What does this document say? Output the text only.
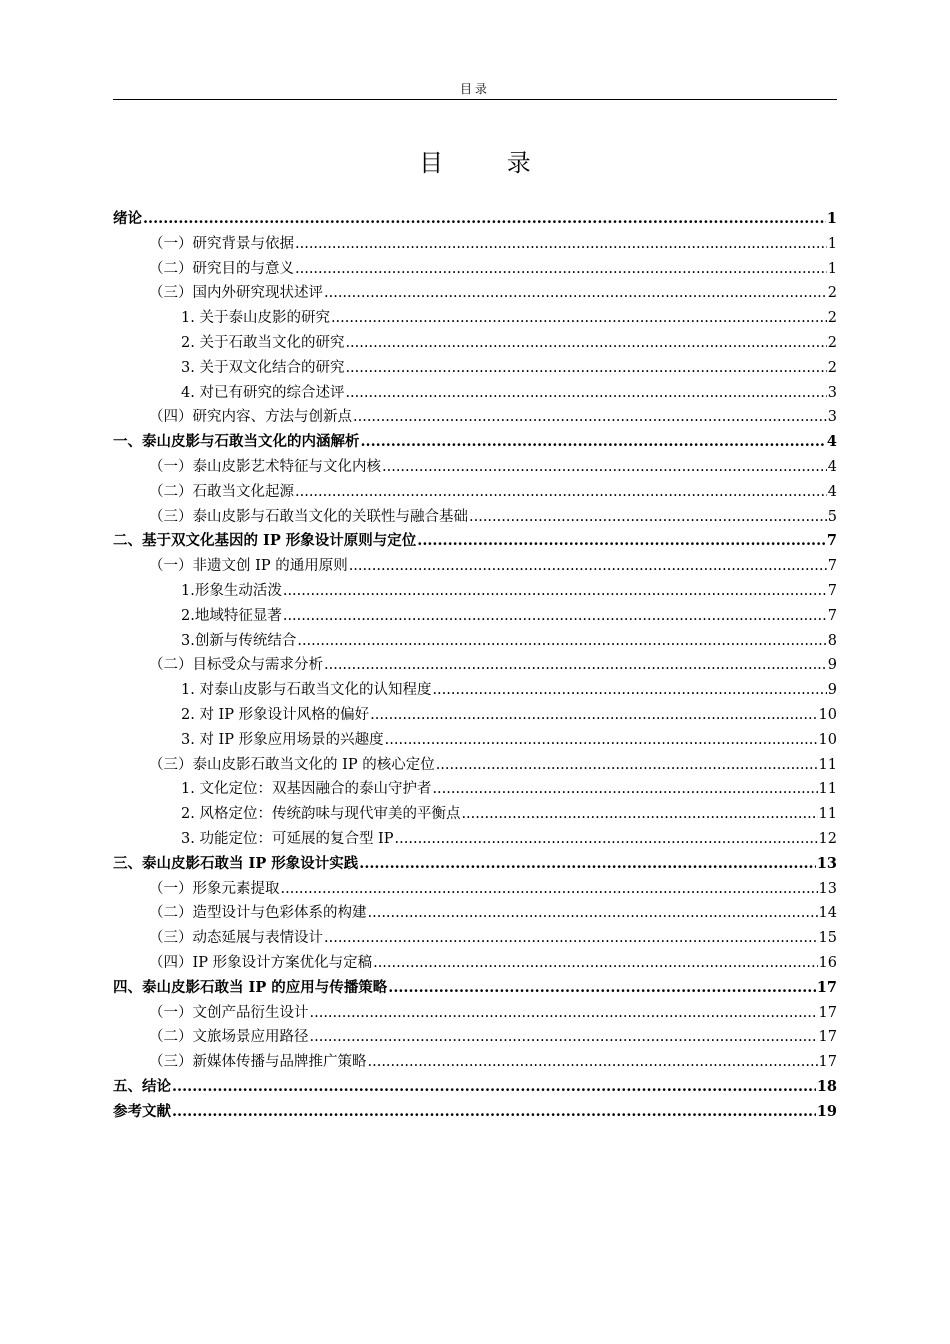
目录
目 录
绪论 .....	1
（一）研究背景与依据 .....	1
（二）研究目的与意义 .....	1
（三）国内外研究现状述评 .....	2
1. 关于泰山皮影的研究 .....	2
2. 关于石敢当文化的研究 .....	2
3. 关于双文化结合的研究 .....	2
4. 对已有研究的综合述评 .....	3
（四）研究内容、方法与创新点 .....	3
一、泰山皮影与石敢当文化的内涵解析 .....	4
（一）泰山皮影艺术特征与文化内核 .....	4
（二）石敢当文化起源 .....	4
（三）泰山皮影与石敢当文化的关联性与融合基础 .....	5
二、基于双文化基因的 IP 形象设计原则与定位 .....	7
（一）非遗文创 IP 的通用原则 .....	7
1.形象生动活泼 .....	7
2.地域特征显著 .....	7
3.创新与传统结合 .....	8
（二）目标受众与需求分析 .....	9
1. 对泰山皮影与石敢当文化的认知程度 .....	9
2. 对 IP 形象设计风格的偏好 .....	10
3. 对 IP 形象应用场景的兴趣度 .....	10
（三）泰山皮影石敢当文化的 IP 的核心定位 .....	11
1. 文化定位：双基因融合的泰山守护者 .....	11
2. 风格定位：传统韵味与现代审美的平衡点 .....	11
3. 功能定位：可延展的复合型 IP .....	12
三、泰山皮影石敢当 IP 形象设计实践 .....	13
（一）形象元素提取 .....	13
（二）造型设计与色彩体系的构建 .....	14
（三）动态延展与表情设计 .....	15
（四）IP 形象设计方案优化与定稿 .....	16
四、泰山皮影石敢当 IP 的应用与传播策略 .....	17
（一）文创产品衍生设计 .....	17
（二）文旅场景应用路径 .....	17
（三）新媒体传播与品牌推广策略 .....	17
五、结论 .....	18
参考文献 .....	19
